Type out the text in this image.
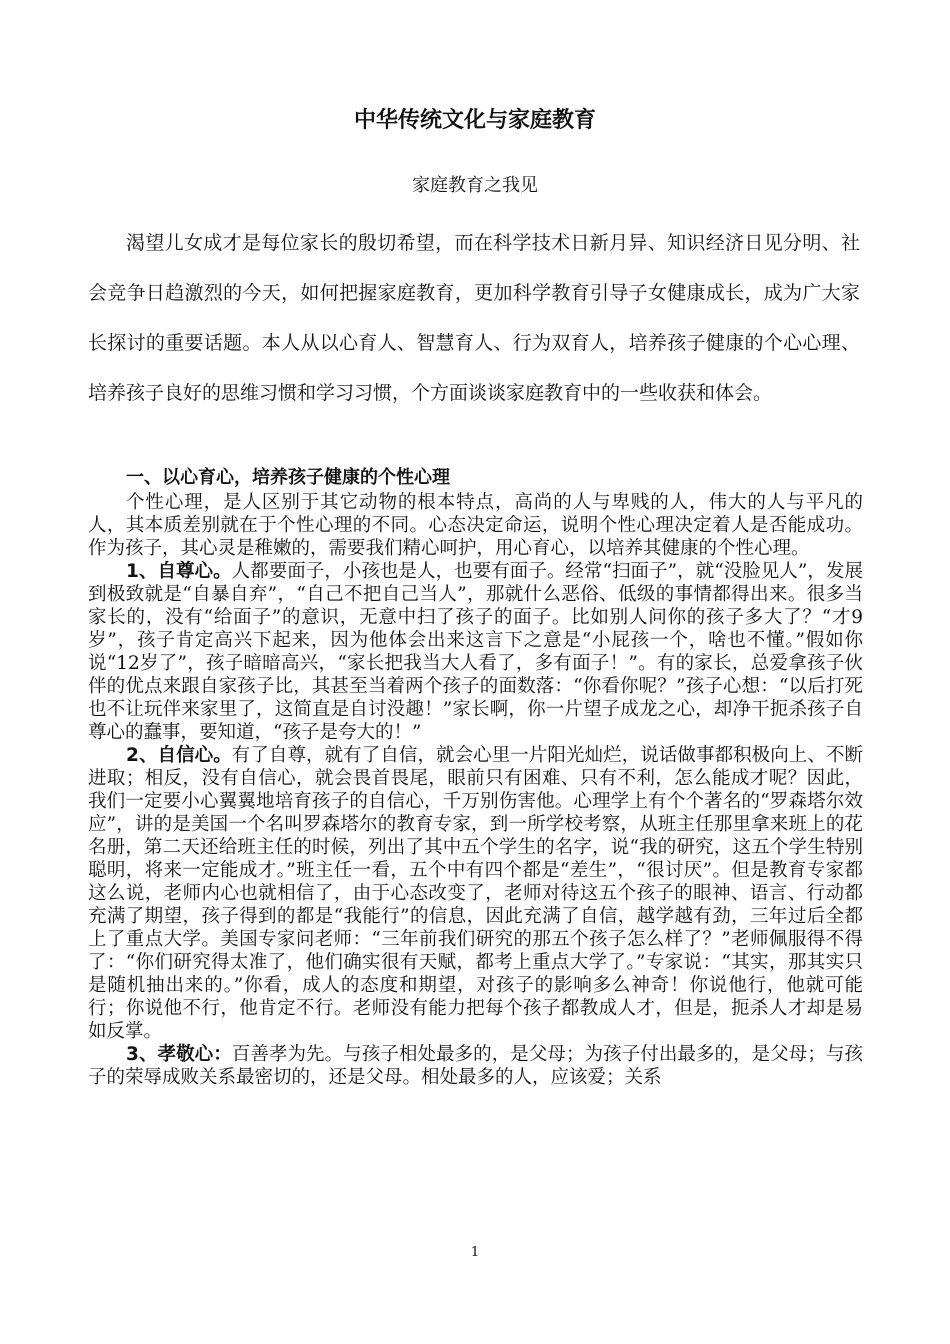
中华传统文化与家庭教育

家庭教育之我见

渴望儿女成才是每位家长的殷切希望，而在科学技术日新月异、知识经济日见分明、社会竞争日趋激烈的今天，如何把握家庭教育，更加科学教育引导子女健康成长，成为广大家长探讨的重要话题。本人从以心育人、智慧育人、行为双育人，培养孩子健康的个心心理、培养孩子良好的思维习惯和学习习惯，个方面谈谈家庭教育中的一些收获和体会。

一、以心育心，培养孩子健康的个性心理

个性心理，是人区别于其它动物的根本特点，高尚的人与卑贱的人，伟大的人与平凡的人，其本质差别就在于个性心理的不同。心态决定命运，说明个性心理决定着人是否能成功。作为孩子，其心灵是稚嫩的，需要我们精心呵护，用心育心，以培养其健康的个性心理。

1、自尊心。人都要面子，小孩也是人，也要有面子。经常“扫面子”，就“没脸见人”，发展到极致就是“自暴自弃”，“自己不把自己当人”，那就什么恶俗、低级的事情都得出来。很多当家长的，没有“给面子”的意识，无意中扫了孩子的面子。比如别人问你的孩子多大了？“才9岁”，孩子肯定高兴下起来，因为他体会出来这言下之意是“小屁孩一个，啥也不懂。”假如你说“12岁了”，孩子暗暗高兴，“家长把我当大人看了，多有面子！”。有的家长，总爱拿孩子伙伴的优点来跟自家孩子比，其甚至当着两个孩子的面数落：“你看你呢？”孩子心想：“以后打死也不让玩伴来家里了，这简直是自讨没趣！”家长啊，你一片望子成龙之心，却净干扼杀孩子自尊心的蠢事，要知道，“孩子是夸大的！”

2、自信心。有了自尊，就有了自信，就会心里一片阳光灿烂，说话做事都积极向上、不断进取；相反，没有自信心，就会畏首畏尾，眼前只有困难、只有不利，怎么能成才呢？因此，我们一定要小心翼翼地培育孩子的自信心，千万别伤害他。心理学上有个个著名的“罗森塔尔效应”，讲的是美国一个名叫罗森塔尔的教育专家，到一所学校考察，从班主任那里拿来班上的花名册，第二天还给班主任的时候，列出了其中五个学生的名字，说“我的研究，这五个学生特别聪明，将来一定能成才。”班主任一看，五个中有四个都是“差生”，“很讨厌”。但是教育专家都这么说，老师内心也就相信了，由于心态改变了，老师对待这五个孩子的眼神、语言、行动都充满了期望，孩子得到的都是“我能行”的信息，因此充满了自信，越学越有劲，三年过后全都上了重点大学。美国专家问老师：“三年前我们研究的那五个孩子怎么样了？”老师佩服得不得了：“你们研究得太准了，他们确实很有天赋，都考上重点大学了。”专家说：“其实，那其实只是随机抽出来的。”你看，成人的态度和期望，对孩子的影响多么神奇！你说他行，他就可能行；你说他不行，他肯定不行。老师没有能力把每个孩子都教成人才，但是，扼杀人才却是易如反掌。

3、孝敬心：百善孝为先。与孩子相处最多的，是父母；为孩子付出最多的，是父母；与孩子的荣辱成败关系最密切的，还是父母。相处最多的人，应该爱；关系

1
